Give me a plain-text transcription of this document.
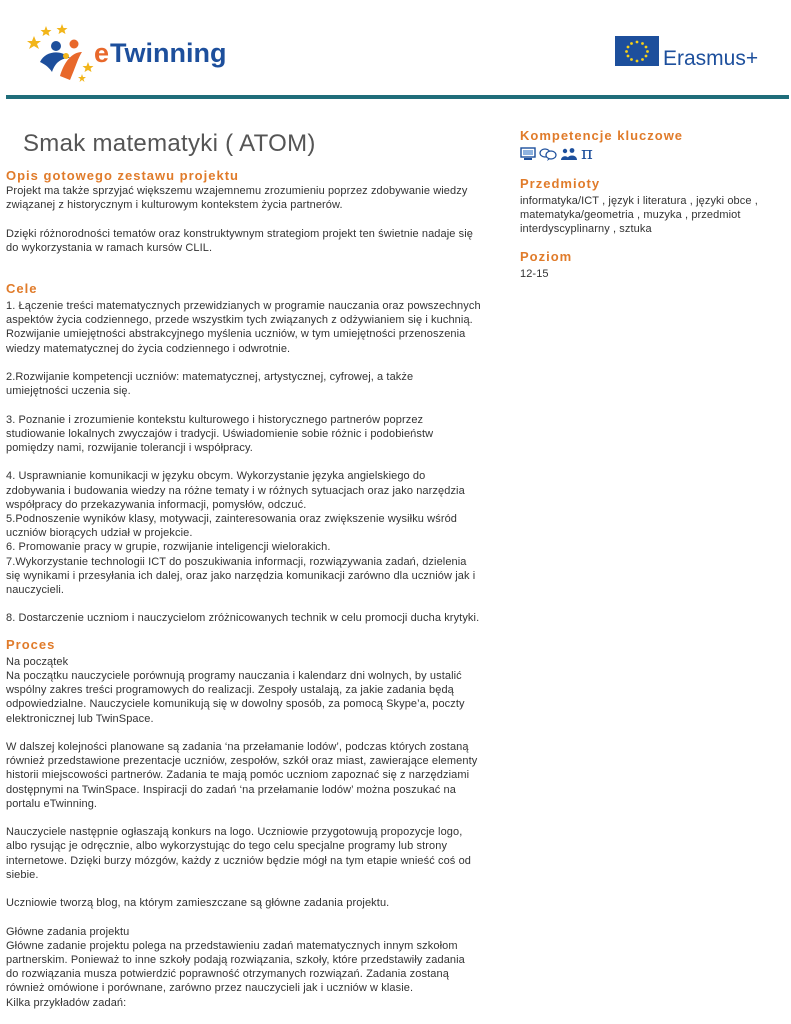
e Twinning	Erasmus+
Smak matematyki ( ATOM)
Opis gotowego zestawu projektu

Projekt ma także sprzyjać większemu wzajemnemu zrozumieniu poprzez zdobywanie wiedzy
związanej z historycznym i kulturowym kontekstem życia partnerów.

Dzięki różnorodności tematów oraz konstruktywnym strategiom projekt ten świetnie nadaje się
do wykorzystania w ramach kursów CLIL.

Cele

1. Łączenie treści matematycznych przewidzianych w programie nauczania oraz powszechnych
aspektów życia codziennego, przede wszystkim tych związanych z odżywianiem się i kuchnią.
Rozwijanie umiejętności abstrakcyjnego myślenia uczniów, w tym umiejętności przenoszenia
wiedzy matematycznej do życia codziennego i odwrotnie.

2.Rozwijanie kompetencji uczniów: matematycznej, artystycznej, cyfrowej, a także
umiejętności uczenia się.

3. Poznanie i zrozumienie kontekstu kulturowego i historycznego partnerów poprzez
studiowanie lokalnych zwyczajów i tradycji. Uświadomienie sobie różnic i podobieństw
pomiędzy nami, rozwijanie tolerancji i współpracy.

4. Usprawnianie komunikacji w języku obcym. Wykorzystanie języka angielskiego do
zdobywania i budowania wiedzy na różne tematy i w różnych sytuacjach oraz jako narzędzia
współpracy do przekazywania informacji, pomysłów, odczuć.
5.Podnoszenie wyników klasy, motywacji, zainteresowania oraz zwiększenie wysiłku wśród
uczniów biorących udział w projekcie.
6. Promowanie pracy w grupie, rozwijanie inteligencji wielorakich.
7.Wykorzystanie technologii ICT do poszukiwania informacji, rozwiązywania zadań, dzielenia
się wynikami i przesyłania ich dalej, oraz jako narzędzia komunikacji zarówno dla uczniów jak i
nauczycieli.

8. Dostarczenie uczniom i nauczycielom zróżnicowanych technik w celu promocji ducha krytyki.

Proces

Na początek
Na początku nauczyciele porównują programy nauczania i kalendarz dni wolnych, by ustalić
wspólny zakres treści programowych do realizacji. Zespoły ustalają, za jakie zadania będą
odpowiedzialne. Nauczyciele komunikują się w dowolny sposób, za pomocą Skype’a, poczty
elektronicznej lub TwinSpace.

W dalszej kolejności planowane są zadania ‘na przełamanie lodów’, podczas których zostaną
również przedstawione prezentacje uczniów, zespołów, szkół oraz miast, zawierające elementy
historii miejscowości partnerów. Zadania te mają pomóc uczniom zapoznać się z narzędziami
dostępnymi na TwinSpace. Inspiracji do zadań ‘na przełamanie lodów’ można poszukać na
portalu eTwinning.

Nauczyciele następnie ogłaszają konkurs na logo. Uczniowie przygotowują propozycje logo,
albo rysując je odręcznie, albo wykorzystując do tego celu specjalne programy lub strony
internetowe. Dzięki burzy mózgów, każdy z uczniów będzie mógł na tym etapie wnieść coś od
siebie.

Uczniowie tworzą blog, na którym zamieszczane są główne zadania projektu.

Główne zadania projektu
Główne zadanie projektu polega na przedstawieniu zadań matematycznych innym szkołom
partnerskim. Ponieważ to inne szkoły podają rozwiązania, szkoły, które przedstawiły zadania
do rozwiązania musza potwierdzić poprawność otrzymanych rozwiązań. Zadania zostaną
również omówione i porównane, zarówno przez nauczycieli jak i uczniów w klasie.
Kilka przykładów zadań:

Kompetencje kluczowe
π
Przedmioty

informatyka/ICT , język i literatura , języki obce ,
matematyka/geometria , muzyka , przedmiot
interdyscyplinarny , sztuka

Poziom

12-15
